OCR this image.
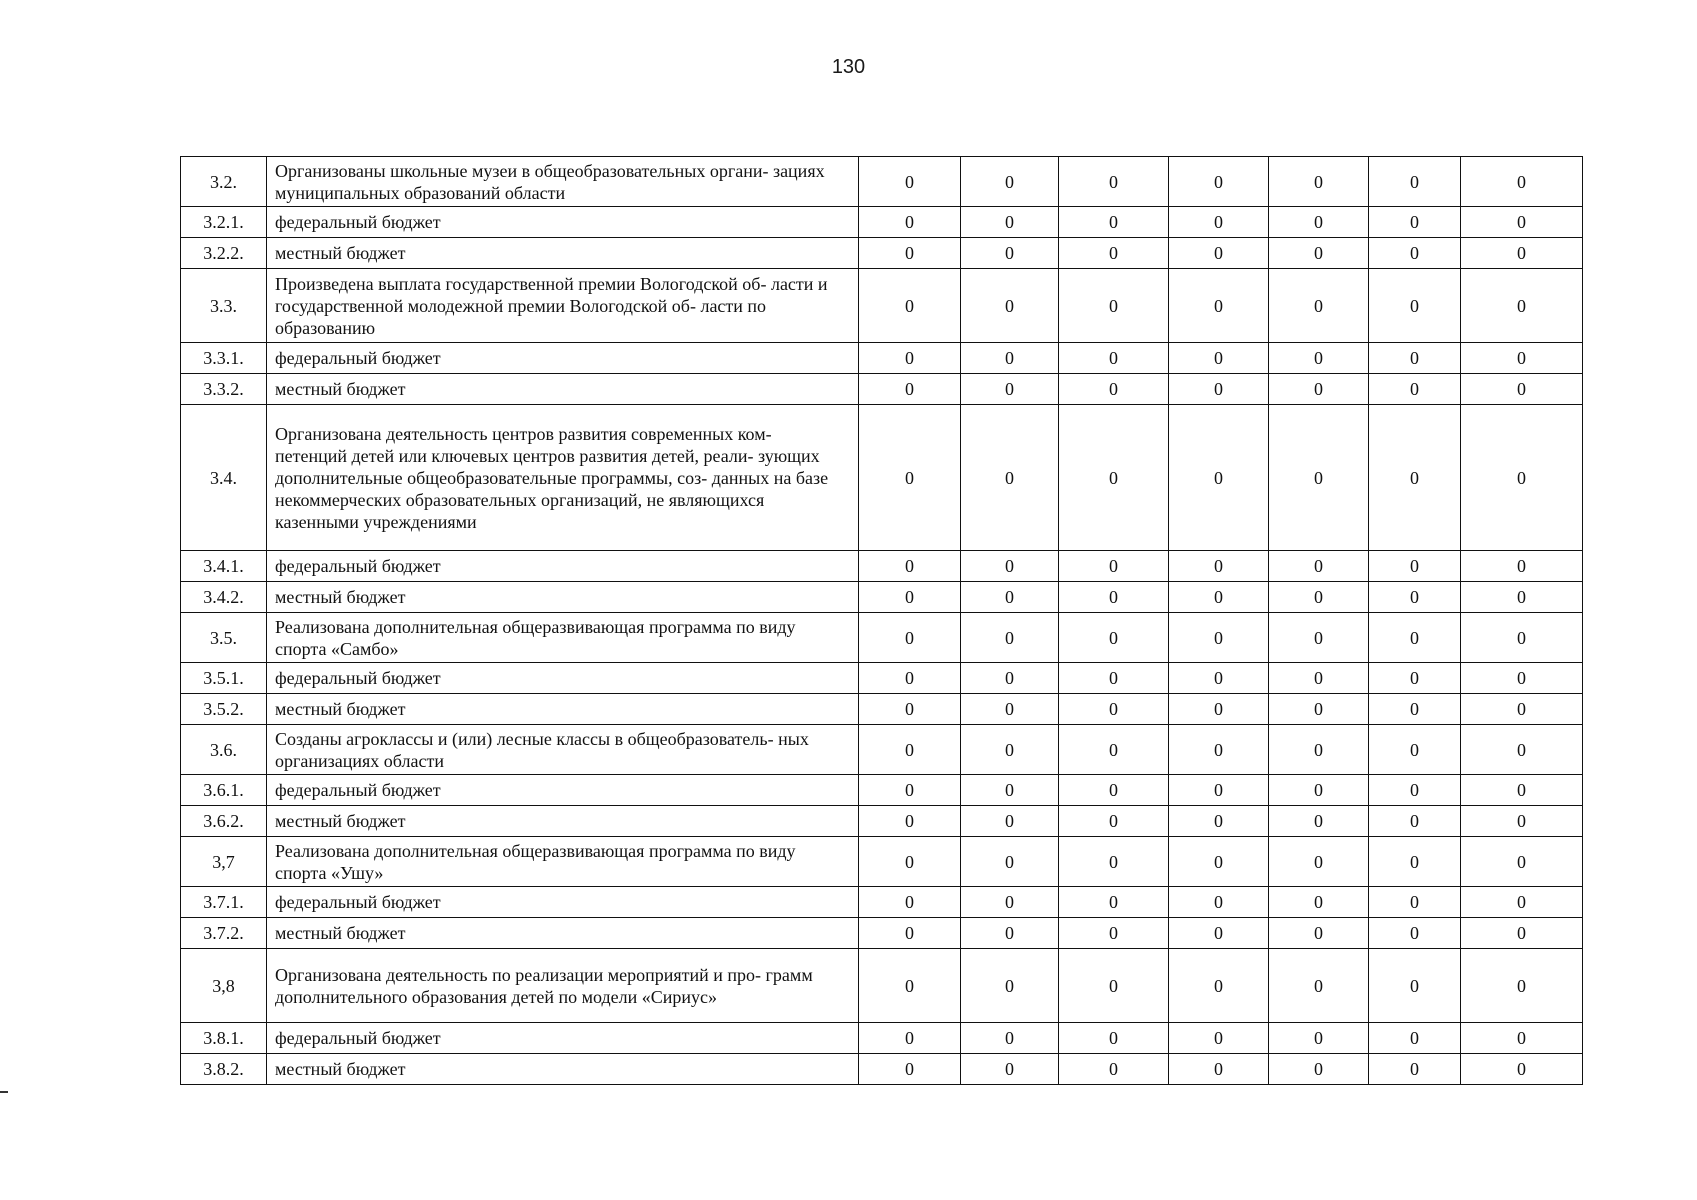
130
3.2.	Организованы школьные музеи в общеобразовательных органи- зациях муниципальных образований области	0	0	0	0	0	0	0
3.2.1.	федеральный бюджет	0	0	0	0	0	0	0
3.2.2.	местный бюджет	0	0	0	0	0	0	0
3.3.	Произведена выплата государственной премии Вологодской об- ласти и государственной молодежной премии Вологодской об- ласти по образованию	0	0	0	0	0	0	0
3.3.1.	федеральный бюджет	0	0	0	0	0	0	0
3.3.2.	местный бюджет	0	0	0	0	0	0	0
3.4.	Организована деятельность центров развития современных ком- петенций детей или ключевых центров развития детей, реали- зующих дополнительные общеобразовательные программы, соз- данных на базе некоммерческих образовательных организаций, не являющихся казенными учреждениями	0	0	0	0	0	0	0
3.4.1.	федеральный бюджет	0	0	0	0	0	0	0
3.4.2.	местный бюджет	0	0	0	0	0	0	0
3.5.	Реализована дополнительная общеразвивающая программа по виду спорта «Самбо»	0	0	0	0	0	0	0
3.5.1.	федеральный бюджет	0	0	0	0	0	0	0
3.5.2.	местный бюджет	0	0	0	0	0	0	0
3.6.	Созданы агроклассы и (или) лесные классы в общеобразователь- ных организациях области	0	0	0	0	0	0	0
3.6.1.	федеральный бюджет	0	0	0	0	0	0	0
3.6.2.	местный бюджет	0	0	0	0	0	0	0
3,7	Реализована дополнительная общеразвивающая программа по виду спорта «Ушу»	0	0	0	0	0	0	0
3.7.1.	федеральный бюджет	0	0	0	0	0	0	0
3.7.2.	местный бюджет	0	0	0	0	0	0	0
3,8	Организована деятельность по реализации мероприятий и про- грамм дополнительного образования детей по модели «Сириус»	0	0	0	0	0	0	0
3.8.1.	федеральный бюджет	0	0	0	0	0	0	0
3.8.2.	местный бюджет	0	0	0	0	0	0	0
